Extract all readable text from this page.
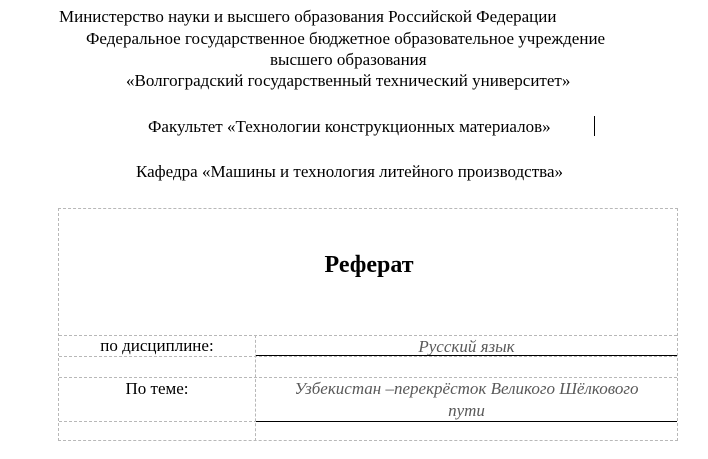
Министерство науки и высшего образования Российской Федерации
Федеральное государственное бюджетное образовательное учреждение
высшего образования
«Волгоградский государственный технический университет»
Факультет «Технологии конструкционных материалов»
Кафедра «Машины и технология литейного производства»
Реферат
по дисциплине:	Русский язык
По теме:	Узбекистан –перекрёсток Великого Шёлкового
пути
